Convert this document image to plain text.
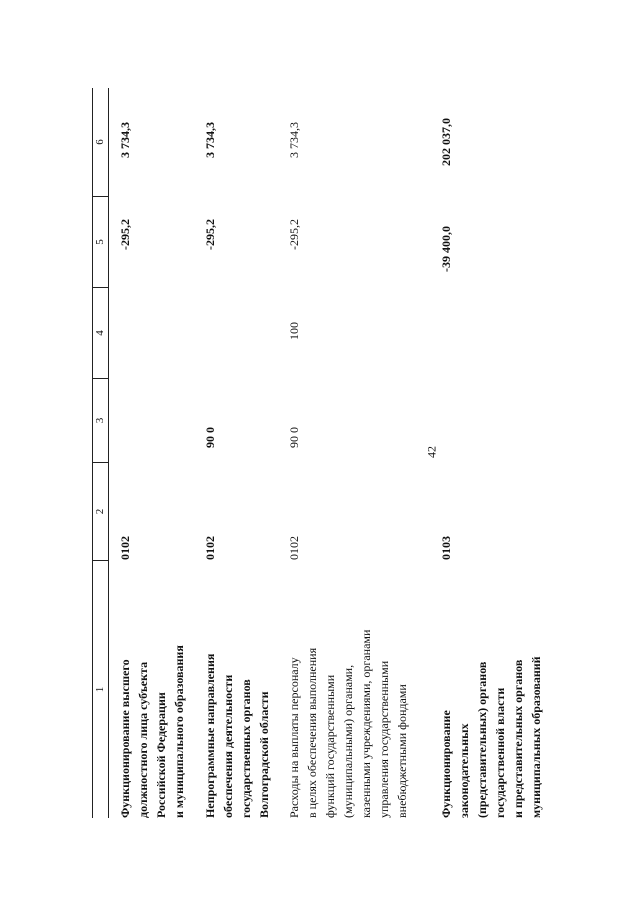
42
1
2
3
4
5
6
Функционирование высшего должностного лица субъекта Российской Федерации и муниципального образования
0102
-295,2
3 734,3
Непрограммные направления обеспечения деятельности государственных органов Волгоградской области
0102
90 0
-295,2
3 734,3
Расходы на выплаты персоналу в целях обеспечения выполнения функций государственными (муниципальными) органами, казенными учреждениями, органами управления государственными внебюджетными фондами
0102
90 0
100
-295,2
3 734,3
Функционирование законодательных (представительных) органов государственной власти и представительных органов муниципальных образований
0103
-39 400,0
202 037,0
